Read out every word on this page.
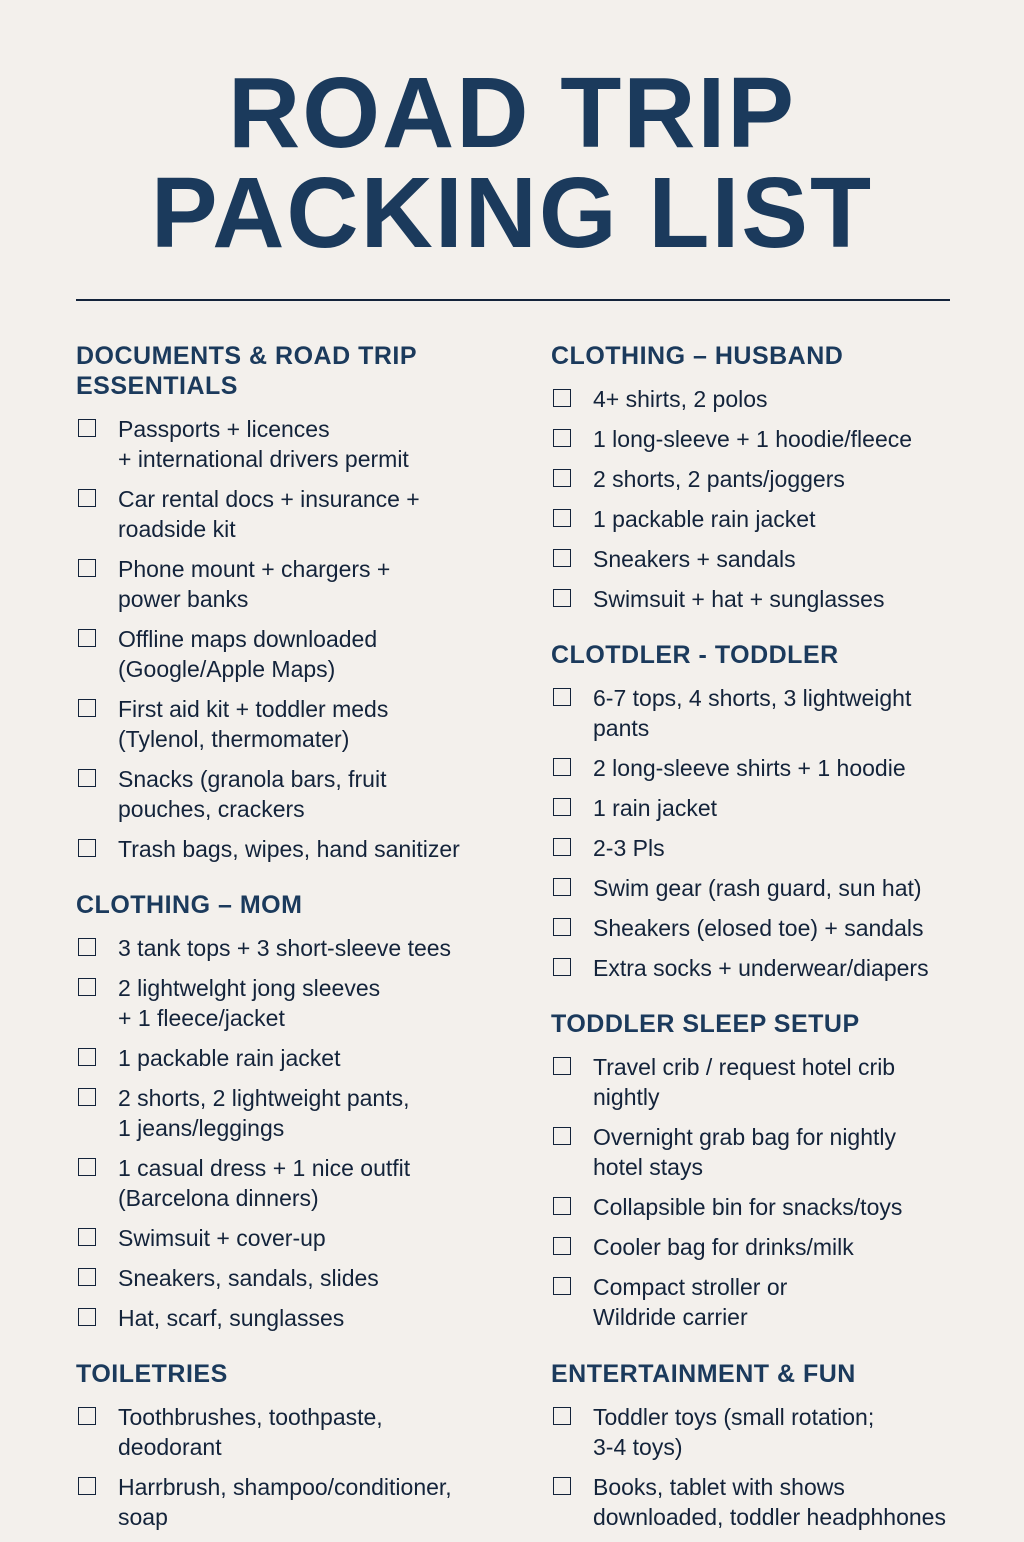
ROAD TRIP
PACKING LIST
DOCUMENTS & ROAD TRIP
ESSENTIALS
Passports + licences
+ international drivers permit
Car rental docs + insurance +
roadside kit
Phone mount + chargers +
power banks
Offline maps downloaded
(Google/Apple Maps)
First aid kit + toddler meds
(Tylenol, thermomater)
Snacks (granola bars, fruit
pouches, crackers
Trash bags, wipes, hand sanitizer
CLOTHING – MOM
3 tank tops + 3 short-sleeve tees
2 lightwelght jong sleeves
+ 1 fleece/jacket
1 packable rain jacket
2 shorts, 2 lightweight pants,
1 jeans/leggings
1 casual dress + 1 nice outfit
(Barcelona dinners)
Swimsuit + cover-up
Sneakers, sandals, slides
Hat, scarf, sunglasses
TOILETRIES
Toothbrushes, toothpaste,
deodorant
Harrbrush, shampoo/conditioner,
soap
CLOTHING – HUSBAND
4+ shirts, 2 polos
1 long-sleeve + 1 hoodie/fleece
2 shorts, 2 pants/joggers
1 packable rain jacket
Sneakers + sandals
Swimsuit + hat + sunglasses
CLOTDLER - TODDLER
6-7 tops, 4 shorts, 3 lightweight
pants
2 long-sleeve shirts + 1 hoodie
1 rain jacket
2-3 Pls
Swim gear (rash guard, sun hat)
Sheakers (elosed toe) + sandals
Extra socks + underwear/diapers
TODDLER SLEEP SETUP
Travel crib / request hotel crib
nightly
Overnight grab bag for nightly
hotel stays
Collapsible bin for snacks/toys
Cooler bag for drinks/milk
Compact stroller or
Wildride carrier
ENTERTAINMENT & FUN
Toddler toys (small rotation;
3-4 toys)
Books, tablet with shows
downloaded, toddler headphhones
